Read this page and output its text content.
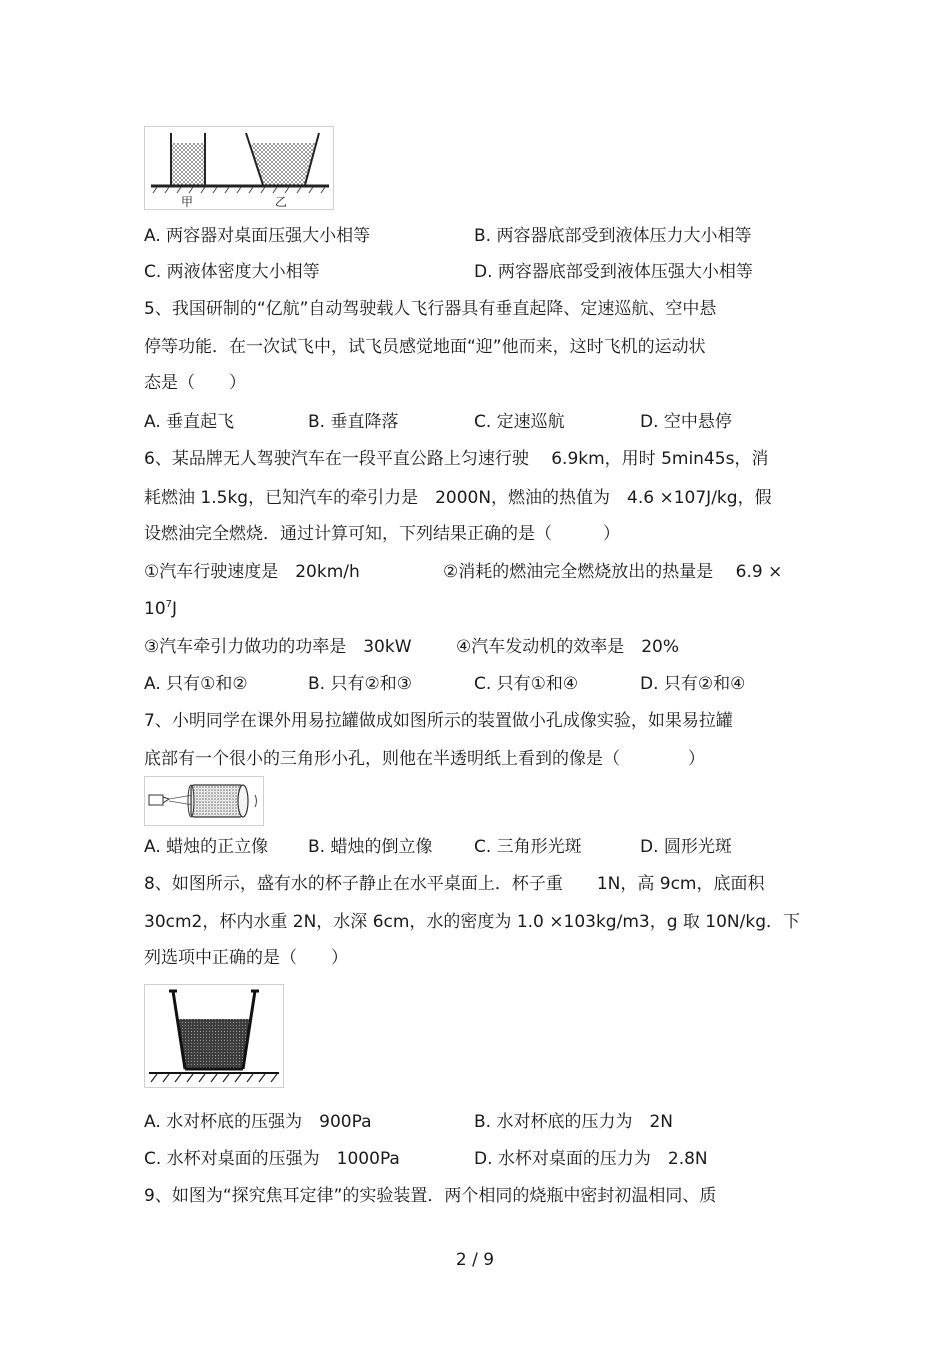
甲	乙
A. 两容器对桌面压强大小相等	B. 两容器底部受到液体压力大小相等
C. 两液体密度大小相等	D. 两容器底部受到液体压强大小相等
5、我国研制的“亿航”自动驾驶载人飞行器具有垂直起降、定速巡航、空中悬
停等功能．在一次试飞中，试飞员感觉地面“迎”他而来，这时飞机的运动状
态是（　　）
A. 垂直起飞	B. 垂直降落	C. 定速巡航	D. 空中悬停
6、某品牌无人驾驶汽车在一段平直公路上匀速行驶　 6.9km，用时 5min45s，消
耗燃油 1.5kg，已知汽车的牵引力是　2000N，燃油的热值为　4.6 ×107J/kg，假
设燃油完全燃烧．通过计算可知，下列结果正确的是（　　　）
①汽车行驶速度是　20km/h	②消耗的燃油完全燃烧放出的热量是　 6.9 ×
$10^7J$
③汽车牵引力做功的功率是　30kW	④汽车发动机的效率是　20%
A. 只有①和②	B. 只有②和③	C. 只有①和④	D. 只有②和④
7、小明同学在课外用易拉罐做成如图所示的装置做小孔成像实验，如果易拉罐
底部有一个很小的三角形小孔，则他在半透明纸上看到的像是（　　　　）
A. 蜡烛的正立像 B. 蜡烛的倒立像 C. 三角形光斑	D. 圆形光斑
8、如图所示，盛有水的杯子静止在水平桌面上．杯子重　　1N，高 9cm，底面积
30cm2，杯内水重 2N，水深 6cm，水的密度为 1.0 ×103kg/m3，g 取 10N/kg．下
列选项中正确的是（　　）
A. 水对杯底的压强为　900Pa	B. 水对杯底的压力为　2N
C. 水杯对桌面的压强为　1000Pa	D. 水杯对桌面的压力为　2.8N
9、如图为“探究焦耳定律”的实验装置．两个相同的烧瓶中密封初温相同、质
2 / 9
